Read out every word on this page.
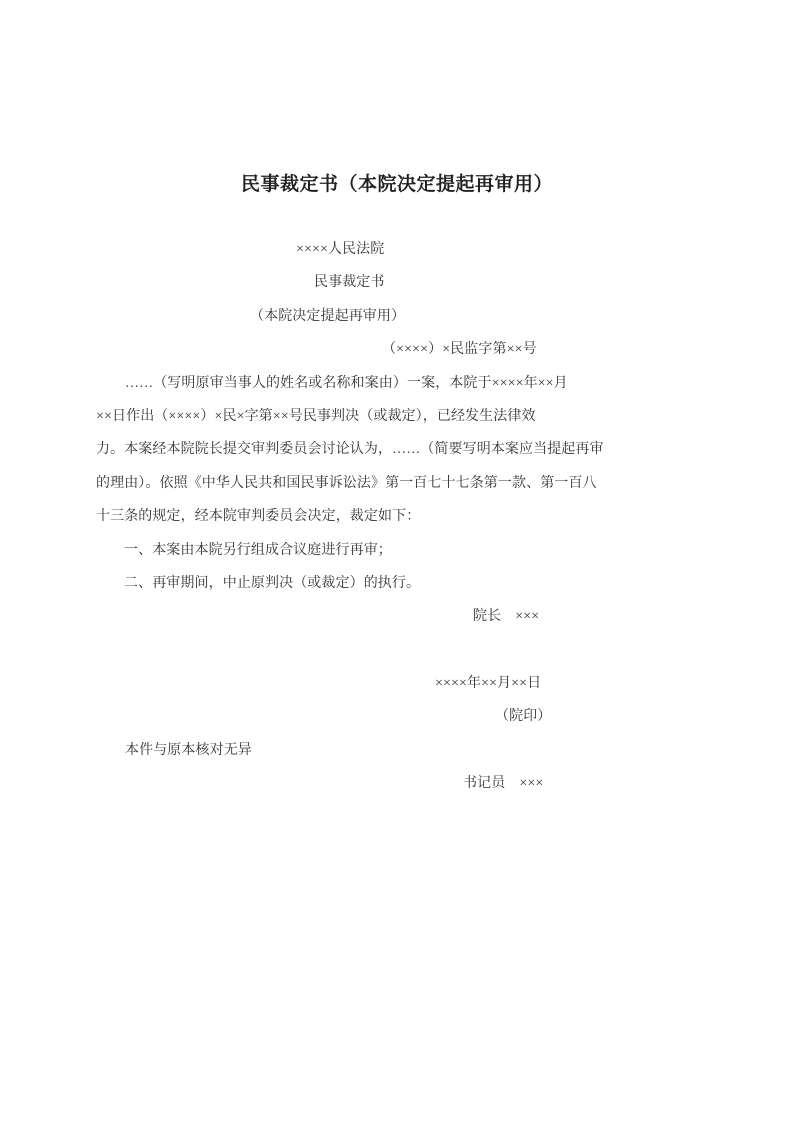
民事裁定书（本院决定提起再审用）
××××人民法院
民事裁定书
（本院决定提起再审用）
（××××）×民监字第××号
……（写明原审当事人的姓名或名称和案由）一案，本院于××××年××月
××日作出（××××）×民×字第××号民事判决（或裁定），已经发生法律效
力。本案经本院院长提交审判委员会讨论认为，……（简要写明本案应当提起再审
的理由）。依照《中华人民共和国民事诉讼法》第一百七十七条第一款、第一百八
十三条的规定，经本院审判委员会决定，裁定如下：
一、本案由本院另行组成合议庭进行再审；
二、再审期间，中止原判决（或裁定）的执行。
院长　×××
××××年××月××日
（院印）
本件与原本核对无异
书记员　×××
